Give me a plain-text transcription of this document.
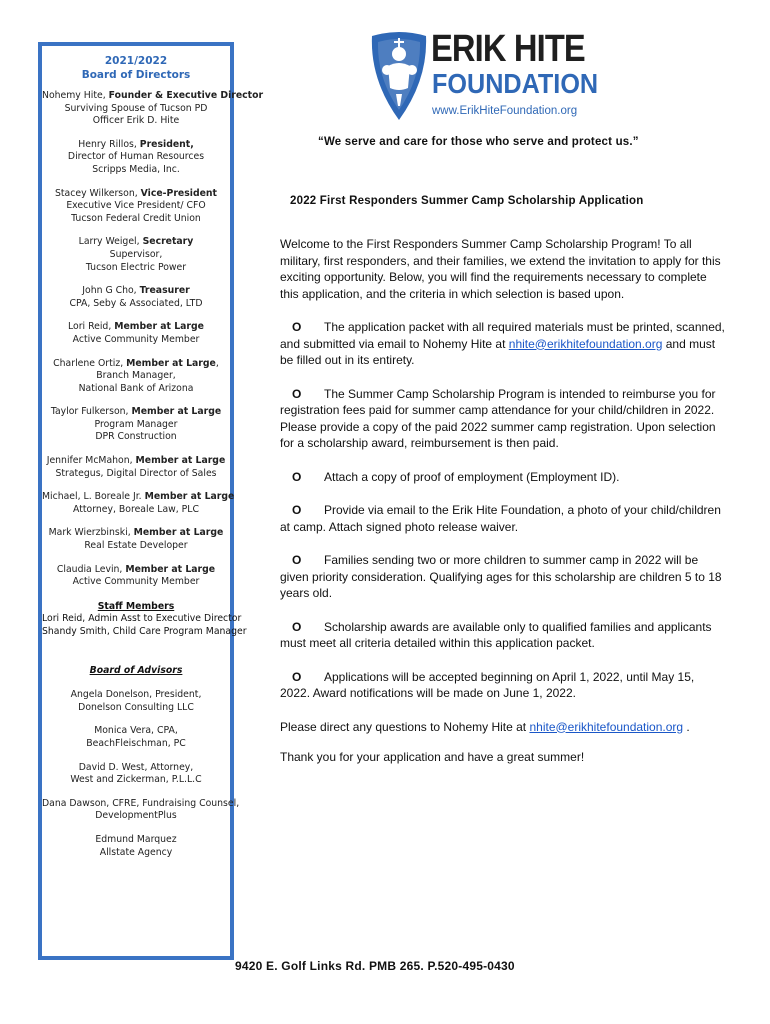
2021/2022
Board of Directors
Nohemy Hite, Founder & Executive Director
Surviving Spouse of Tucson PD
Officer Erik D. Hite
Henry Rillos, President,
Director of Human Resources
Scripps Media, Inc.
Stacey Wilkerson, Vice-President
Executive Vice President/ CFO
Tucson Federal Credit Union
Larry Weigel, Secretary
Supervisor,
Tucson Electric Power
John G Cho, Treasurer
CPA, Seby & Associated, LTD
Lori Reid, Member at Large
Active Community Member
Charlene Ortiz, Member at Large,
Branch Manager,
National Bank of Arizona
Taylor Fulkerson, Member at Large
Program Manager
DPR Construction
Jennifer McMahon, Member at Large
Strategus, Digital Director of Sales
Michael, L. Boreale Jr. Member at Large
Attorney, Boreale Law, PLC
Mark Wierzbinski, Member at Large
Real Estate Developer
Claudia Levin, Member at Large
Active Community Member
Staff Members
Lori Reid, Admin Asst to Executive Director
Shandy Smith, Child Care Program Manager
Board of Advisors
Angela Donelson, President,
Donelson Consulting LLC
Monica Vera, CPA,
BeachFleischman, PC
David D. West, Attorney,
West and Zickerman, P.L.L.C
Dana Dawson, CFRE, Fundraising Counsel,
DevelopmentPlus
Edmund Marquez
Allstate Agency
ERIK HITE
FOUNDATION
www.ErikHiteFoundation.org
“We serve and care for those who serve and protect us.”
2022 First Responders Summer Camp Scholarship Application

Welcome to the First Responders Summer Camp Scholarship Program! To all military, first responders, and their families, we extend the invitation to apply for this exciting opportunity. Below, you will find the requirements necessary to complete this application, and the criteria in which selection is based upon.

O The application packet with all required materials must be printed, scanned, and submitted via email to Nohemy Hite at nhite@erikhitefoundation.org and must be filled out in its entirety.

O The Summer Camp Scholarship Program is intended to reimburse you for registration fees paid for summer camp attendance for your child/children in 2022. Please provide a copy of the paid 2022 summer camp registration. Upon selection for a scholarship award, reimbursement is then paid.

O Attach a copy of proof of employment (Employment ID).

O Provide via email to the Erik Hite Foundation, a photo of your child/children at camp. Attach signed photo release waiver.

O Families sending two or more children to summer camp in 2022 will be given priority consideration. Qualifying ages for this scholarship are children 5 to 18 years old.

O Scholarship awards are available only to qualified families and applicants must meet all criteria detailed within this application packet.

O Applications will be accepted beginning on April 1, 2022, until May 15, 2022. Award notifications will be made on June 1, 2022.

Please direct any questions to Nohemy Hite at nhite@erikhitefoundation.org .

Thank you for your application and have a great summer!

9420 E. Golf Links Rd. PMB 265. P.520-495-0430
